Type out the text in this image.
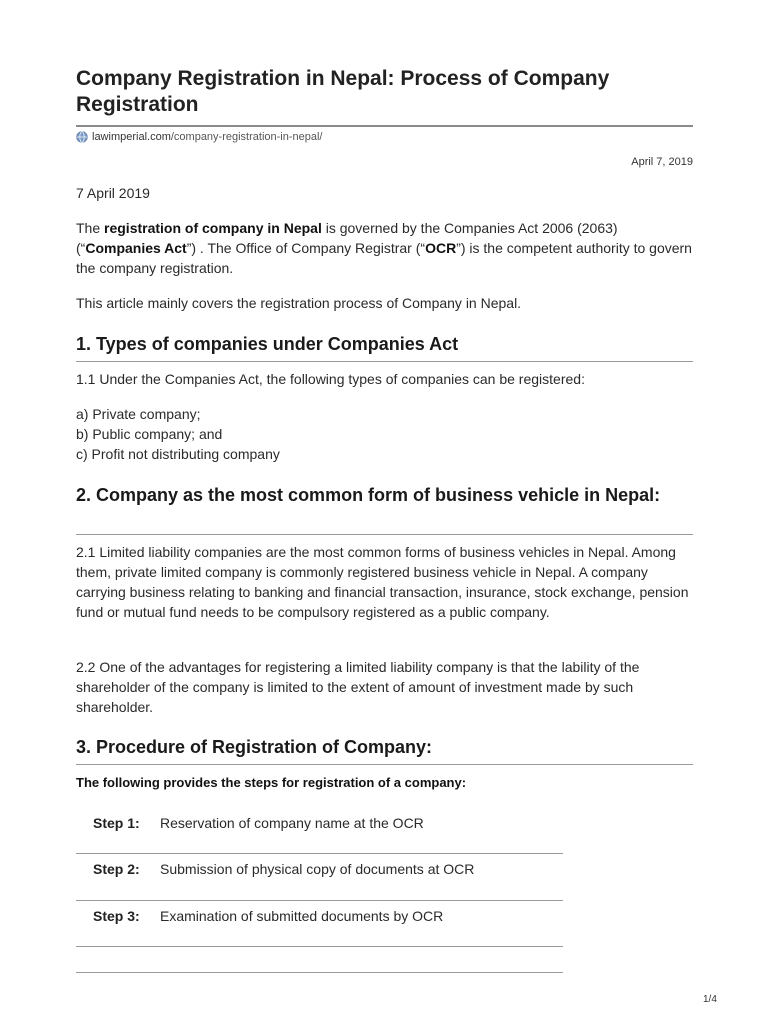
Company Registration in Nepal: Process of Company Registration
lawimperial.com /company-registration-in-nepal/
April 7, 2019

7 April 2019

The registration of company in Nepal is governed by the Companies Act 2006 (2063) (“Companies Act”) . The Office of Company Registrar (“OCR”) is the competent authority to govern the company registration.

This article mainly covers the registration process of Company in Nepal.

1. Types of companies under Companies Act

1.1 Under the Companies Act, the following types of companies can be registered:

a) Private company;

b) Public company; and

c) Profit not distributing company

2. Company as the most common form of business vehicle in Nepal:

2.1 Limited liability companies are the most common forms of business vehicles in Nepal. Among them, private limited company is commonly registered business vehicle in Nepal. A company carrying business relating to banking and financial transaction, insurance, stock exchange, pension fund or mutual fund needs to be compulsory registered as a public company.

2.2 One of the advantages for registering a limited liability company is that the lability of the shareholder of the company is limited to the extent of amount of investment made by such shareholder.

3. Procedure of Registration of Company:

The following provides the steps for registration of a company:

Step 1: Reservation of company name at the OCR
Step 2: Submission of physical copy of documents at OCR
Step 3: Examination of submitted documents by OCR
1/4
